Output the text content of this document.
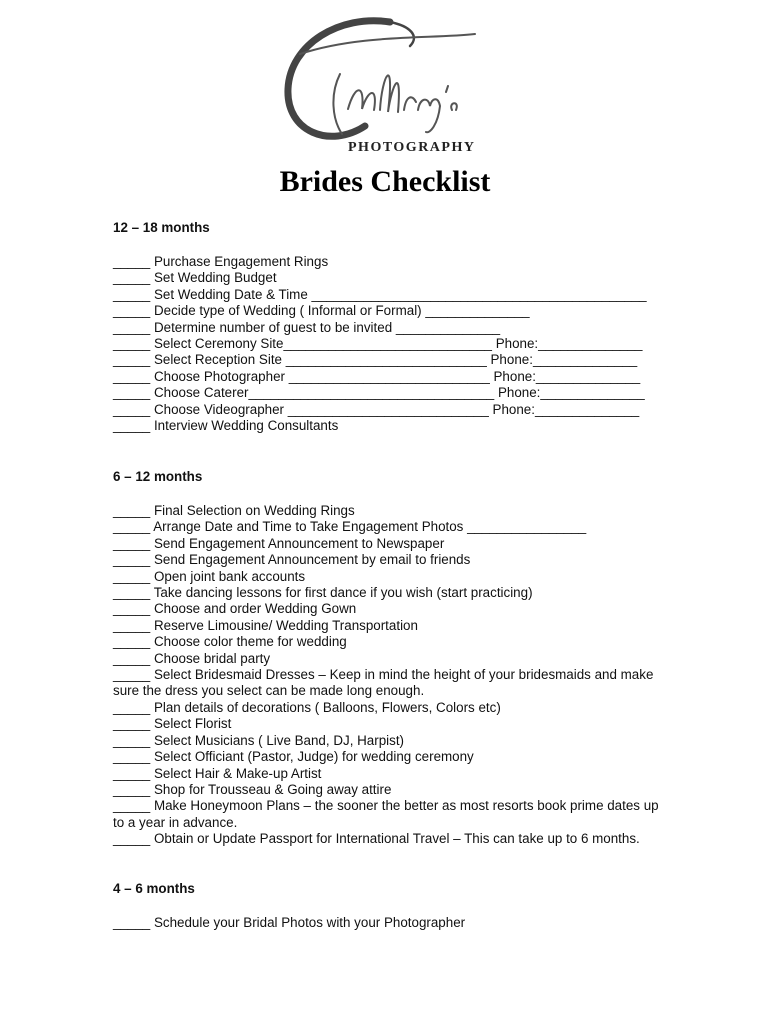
PHOTOGRAPHY
Brides Checklist
12 – 18 months
_____ Purchase Engagement Rings
_____ Set Wedding Budget
_____ Set Wedding Date & Time _____________________________________________
_____ Decide type of Wedding ( Informal or Formal) ______________
_____ Determine number of guest to be invited ______________
_____ Select Ceremony Site____________________________ Phone:______________
_____ Select Reception Site ___________________________ Phone:______________
_____ Choose Photographer ___________________________ Phone:______________
_____ Choose Caterer_________________________________ Phone:______________
_____ Choose Videographer ___________________________ Phone:______________
_____ Interview Wedding Consultants
6 – 12 months
_____ Final Selection on Wedding Rings
_____ Arrange Date and Time to Take Engagement Photos ________________
_____ Send Engagement Announcement to Newspaper
_____ Send Engagement Announcement by email to friends
_____ Open joint bank accounts
_____ Take dancing lessons for first dance if you wish (start practicing)
_____ Choose and order Wedding Gown
_____ Reserve Limousine/ Wedding Transportation
_____ Choose color theme for wedding
_____ Choose bridal party
_____ Select Bridesmaid Dresses – Keep in mind the height of your bridesmaids and make sure the dress you select can be made long enough.
_____ Plan details of decorations ( Balloons, Flowers, Colors etc)
_____ Select Florist
_____ Select Musicians ( Live Band, DJ, Harpist)
_____ Select Officiant (Pastor, Judge) for wedding ceremony
_____ Select Hair & Make-up Artist
_____ Shop for Trousseau & Going away attire
_____ Make Honeymoon Plans – the sooner the better as most resorts book prime dates up to a year in advance.
_____ Obtain or Update Passport for International Travel – This can take up to 6 months.
4 – 6 months
_____ Schedule your Bridal Photos with your Photographer
